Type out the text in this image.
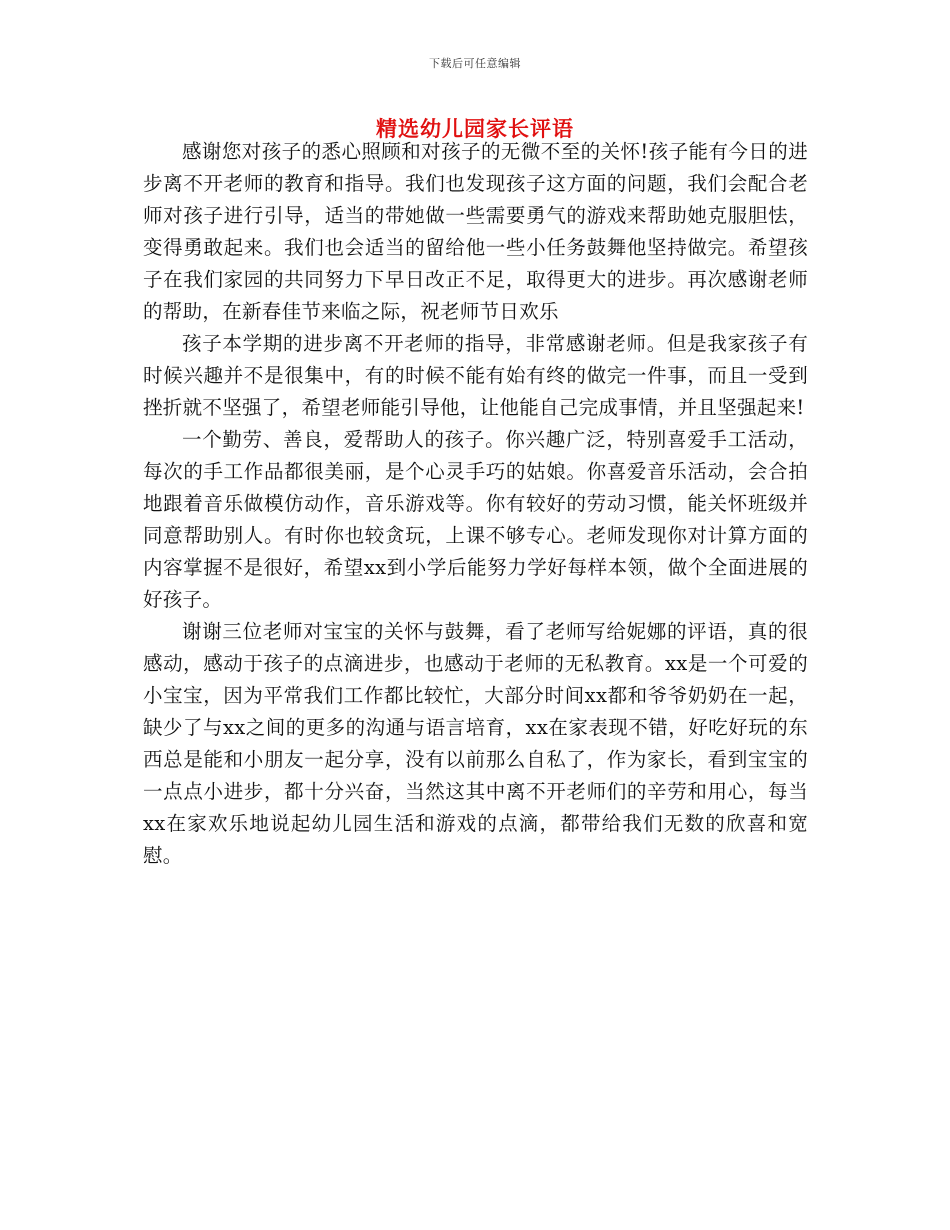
下载后可任意编辑
精选幼儿园家长评语

感谢您对孩子的悉心照顾和对孩子的无微不至的关怀!孩子能有今日的进步离不开老师的教育和指导。我们也发现孩子这方面的问题，我们会配合老师对孩子进行引导，适当的带她做一些需要勇气的游戏来帮助她克服胆怯，变得勇敢起来。我们也会适当的留给他一些小任务鼓舞他坚持做完。希望孩子在我们家园的共同努力下早日改正不足，取得更大的进步。再次感谢老师的帮助，在新春佳节来临之际，祝老师节日欢乐

孩子本学期的进步离不开老师的指导，非常感谢老师。但是我家孩子有时候兴趣并不是很集中，有的时候不能有始有终的做完一件事，而且一受到挫折就不坚强了，希望老师能引导他，让他能自己完成事情，并且坚强起来!

一个勤劳、善良，爱帮助人的孩子。你兴趣广泛，特别喜爱手工活动，每次的手工作品都很美丽，是个心灵手巧的姑娘。你喜爱音乐活动，会合拍地跟着音乐做模仿动作，音乐游戏等。你有较好的劳动习惯，能关怀班级并同意帮助别人。有时你也较贪玩，上课不够专心。老师发现你对计算方面的内容掌握不是很好，希望xx到小学后能努力学好每样本领，做个全面进展的好孩子。

谢谢三位老师对宝宝的关怀与鼓舞，看了老师写给妮娜的评语，真的很感动，感动于孩子的点滴进步，也感动于老师的无私教育。xx是一个可爱的小宝宝，因为平常我们工作都比较忙，大部分时间xx都和爷爷奶奶在一起，缺少了与xx之间的更多的沟通与语言培育，xx在家表现不错，好吃好玩的东西总是能和小朋友一起分享，没有以前那么自私了，作为家长，看到宝宝的一点点小进步，都十分兴奋，当然这其中离不开老师们的辛劳和用心，每当xx在家欢乐地说起幼儿园生活和游戏的点滴，都带给我们无数的欣喜和宽慰。
